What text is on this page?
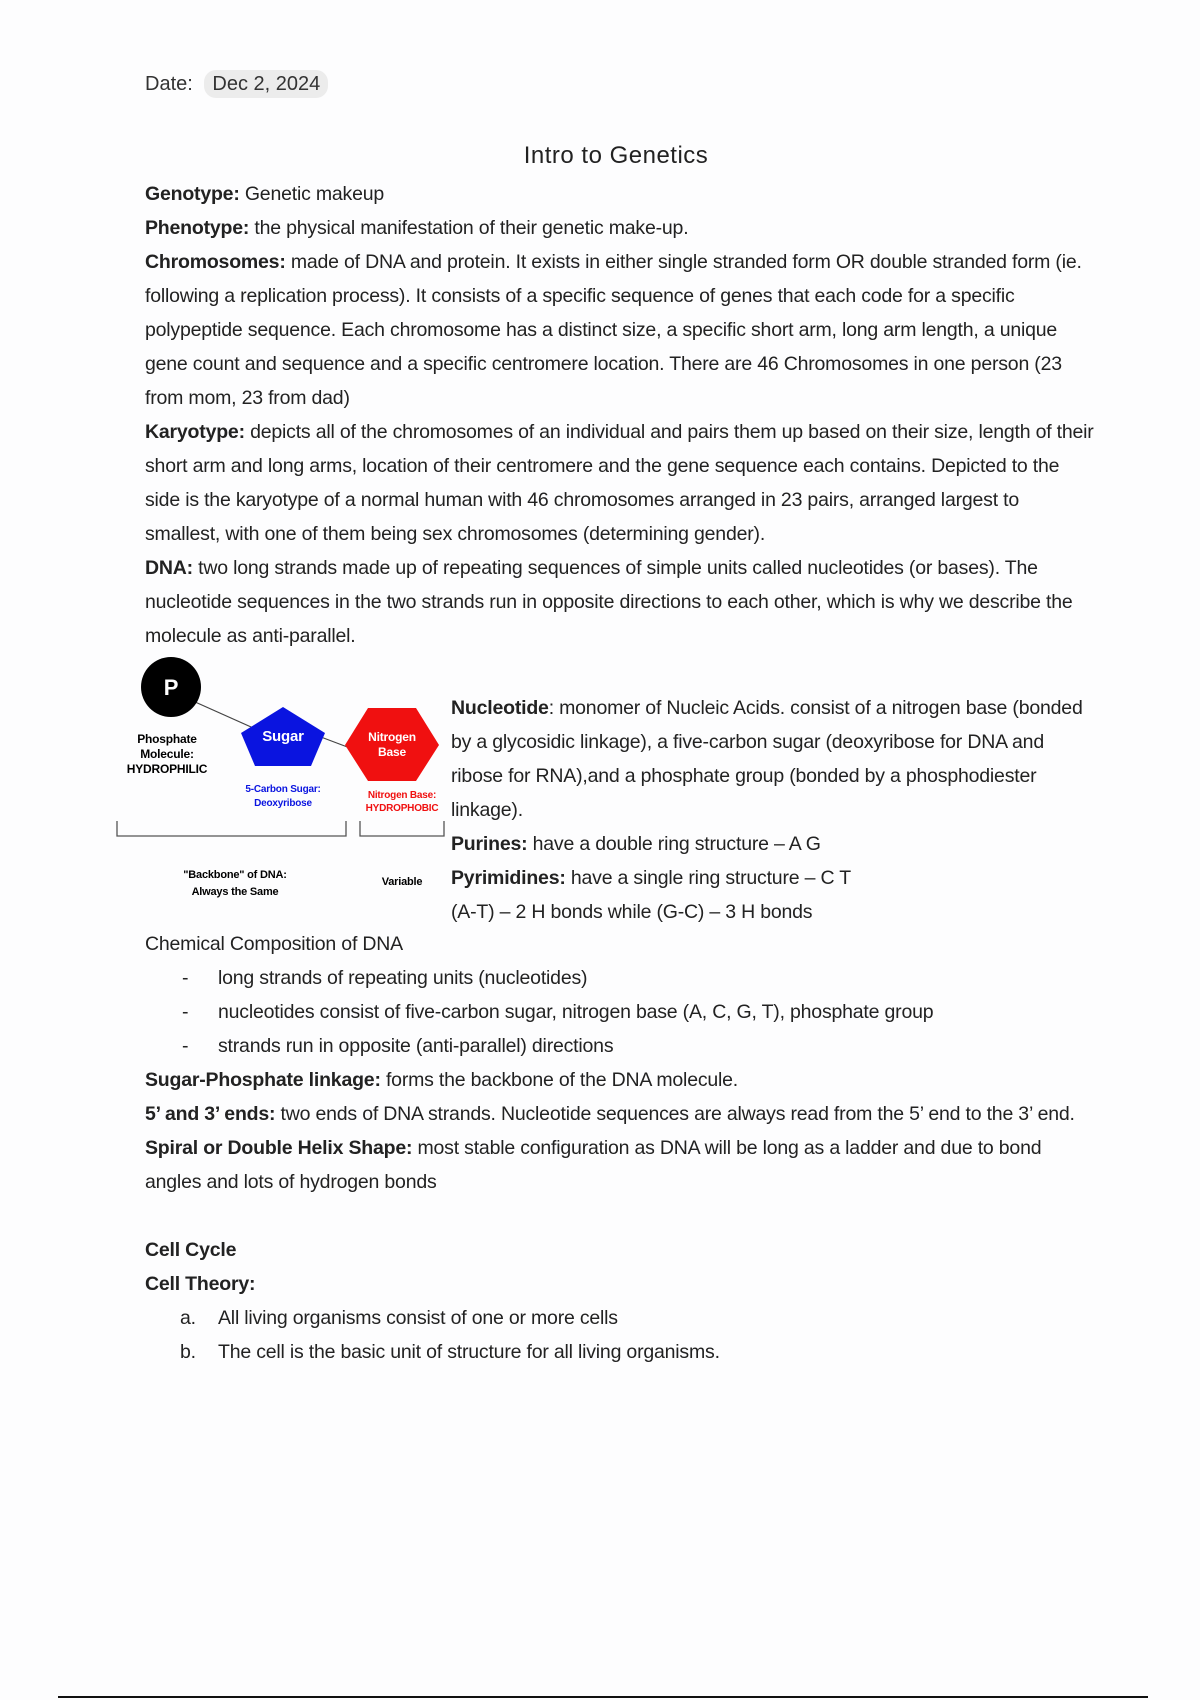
Date: Dec 2, 2024
Intro to Genetics

Genotype: Genetic makeup

Phenotype: the physical manifestation of their genetic make-up.

Chromosomes: made of DNA and protein. It exists in either single stranded form OR double stranded form (ie. following a replication process). It consists of a specific sequence of genes that each code for a specific polypeptide sequence. Each chromosome has a distinct size, a specific short arm, long arm length, a unique gene count and sequence and a specific centromere location. There are 46 Chromosomes in one person (23 from mom, 23 from dad)

Karyotype: depicts all of the chromosomes of an individual and pairs them up based on their size, length of their short arm and long arms, location of their centromere and the gene sequence each contains. Depicted to the side is the karyotype of a normal human with 46 chromosomes arranged in 23 pairs, arranged largest to smallest, with one of them being sex chromosomes (determining gender).

DNA: two long strands made up of repeating sequences of simple units called nucleotides (or bases). The nucleotide sequences in the two strands run in opposite directions to each other, which is why we describe the molecule as anti-parallel.

P
Phosphate
Molecule:
HYDROPHILIC
Sugar
5-Carbon Sugar:
Deoxyribose
Nitrogen
Base
Nitrogen Base:
HYDROPHOBIC
"Backbone" of DNA:
Always the Same
Variable

Nucleotide: monomer of Nucleic Acids. consist of a nitrogen base (bonded by a glycosidic linkage), a five-carbon sugar (deoxyribose for DNA and ribose for RNA),and a phosphate group (bonded by a phosphodiester linkage).

Purines: have a double ring structure – A G

Pyrimidines: have a single ring structure – C T

(A-T) – 2 H bonds while (G-C) – 3 H bonds

Chemical Composition of DNA

- long strands of repeating units (nucleotides)
- nucleotides consist of five-carbon sugar, nitrogen base (A, C, G, T), phosphate group
- strands run in opposite (anti-parallel) directions

Sugar-Phosphate linkage: forms the backbone of the DNA molecule.

5’ and 3’ ends: two ends of DNA strands. Nucleotide sequences are always read from the 5’ end to the 3’ end.

Spiral or Double Helix Shape: most stable configuration as DNA will be long as a ladder and due to bond angles and lots of hydrogen bonds

Cell Cycle

Cell Theory:

a. All living organisms consist of one or more cells
b. The cell is the basic unit of structure for all living organisms.
